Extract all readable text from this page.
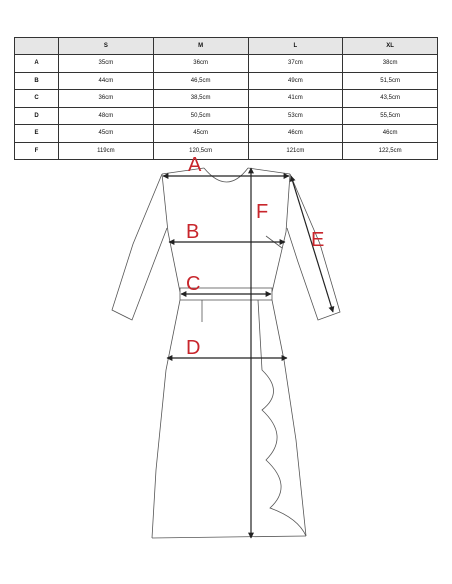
	S	M	L	XL
A	35cm	36cm	37cm	38cm
B	44cm	46,5cm	49cm	51,5cm
C	36cm	38,5cm	41cm	43,5cm
D	48cm	50,5cm	53cm	55,5cm
E	45cm	45cm	46cm	46cm
F	119cm	120,5cm	121cm	122,5cm
A
B
C
D
E
F
